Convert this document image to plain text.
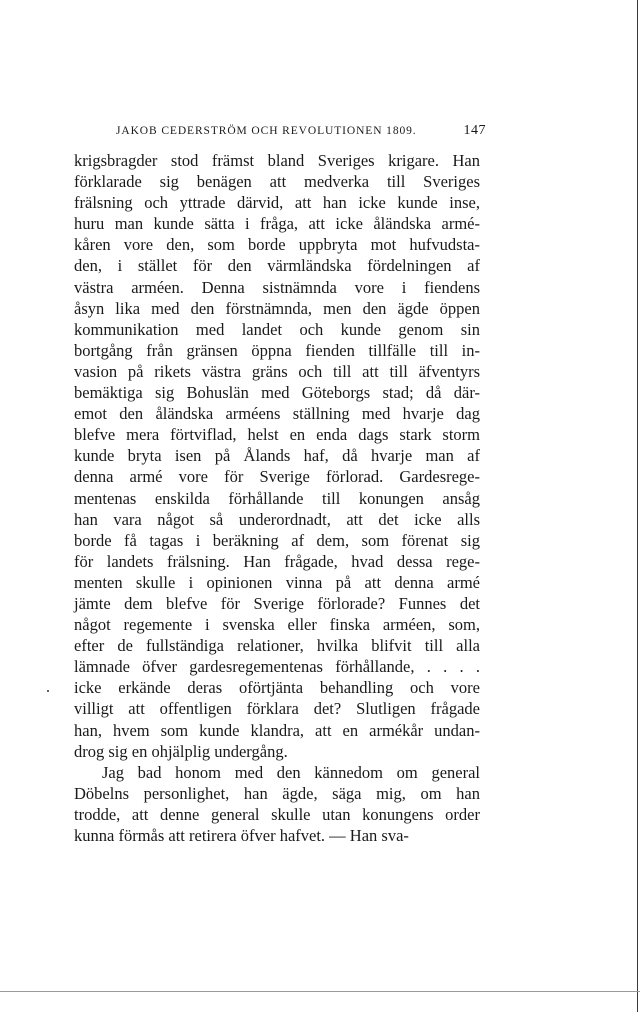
JAKOB CEDERSTRÖM OCH REVOLUTIONEN 1809.	147
krigsbragder stod främst bland Sveriges krigare. Han
förklarade sig benägen att medverka till Sveriges
frälsning och yttrade därvid, att han icke kunde inse,
huru man kunde sätta i fråga, att icke åländska armé-
kåren vore den, som borde uppbryta mot hufvudsta-
den, i stället för den värmländska fördelningen af
västra arméen. Denna sistnämnda vore i fiendens
åsyn lika med den förstnämnda, men den ägde öppen
kommunikation med landet och kunde genom sin
bortgång från gränsen öppna fienden tillfälle till in-
vasion på rikets västra gräns och till att till äfventyrs
bemäktiga sig Bohuslän med Göteborgs stad; då där-
emot den åländska arméens ställning med hvarje dag
blefve mera förtviflad, helst en enda dags stark storm
kunde bryta isen på Ålands haf, då hvarje man af
denna armé vore för Sverige förlorad. Gardesrege-
mentenas enskilda förhållande till konungen ansåg
han vara något så underordnadt, att det icke alls
borde få tagas i beräkning af dem, som förenat sig
för landets frälsning. Han frågade, hvad dessa rege-
menten skulle i opinionen vinna på att denna armé
jämte dem blefve för Sverige förlorade? Funnes det
något regemente i svenska eller finska arméen, som,
efter de fullständiga relationer, hvilka blifvit till alla
lämnade öfver gardesregementenas förhållande, . . . .
icke erkände deras oförtjänta behandling och vore
villigt att offentligen förklara det? Slutligen frågade
han, hvem som kunde klandra, att en armékår undan-
drog sig en ohjälplig undergång.
Jag bad honom med den kännedom om general
Döbelns personlighet, han ägde, säga mig, om han
trodde, att denne general skulle utan konungens order
kunna förmås att retirera öfver hafvet. — Han sva-
